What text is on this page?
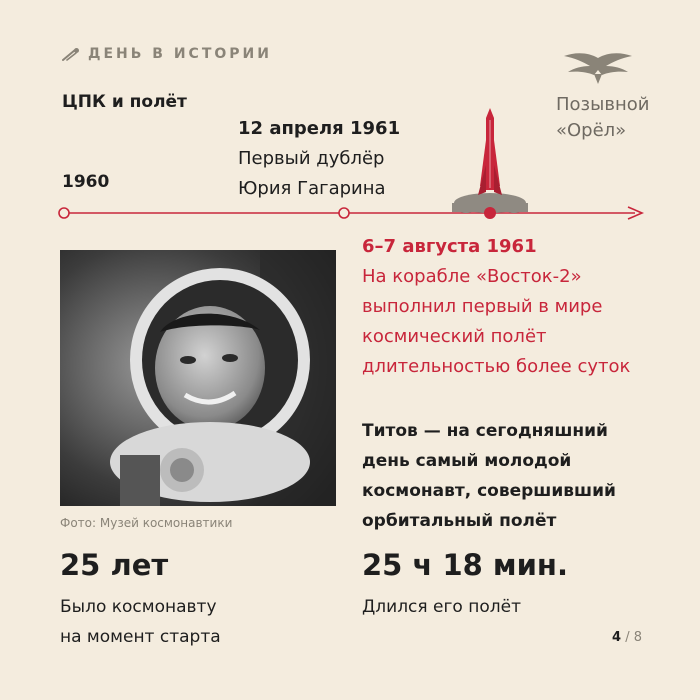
ДЕНЬ В ИСТОРИИ
ЦПК и полёт
1960
12 апреля 1961
Первый дублёр
Юрия Гагарина
Позывной
«Орёл»
Фото: Музей космонавтики
6–7 августа 1961
На корабле «Восток-2»
выполнил первый в мире
космический полёт
длительностью более суток
Титов — на сегодняшний
день самый молодой
космонавт, совершивший
орбитальный полёт
25 лет
Было космонавту
на момент старта
25 ч 18 мин.
Длился его полёт
4 / 8
